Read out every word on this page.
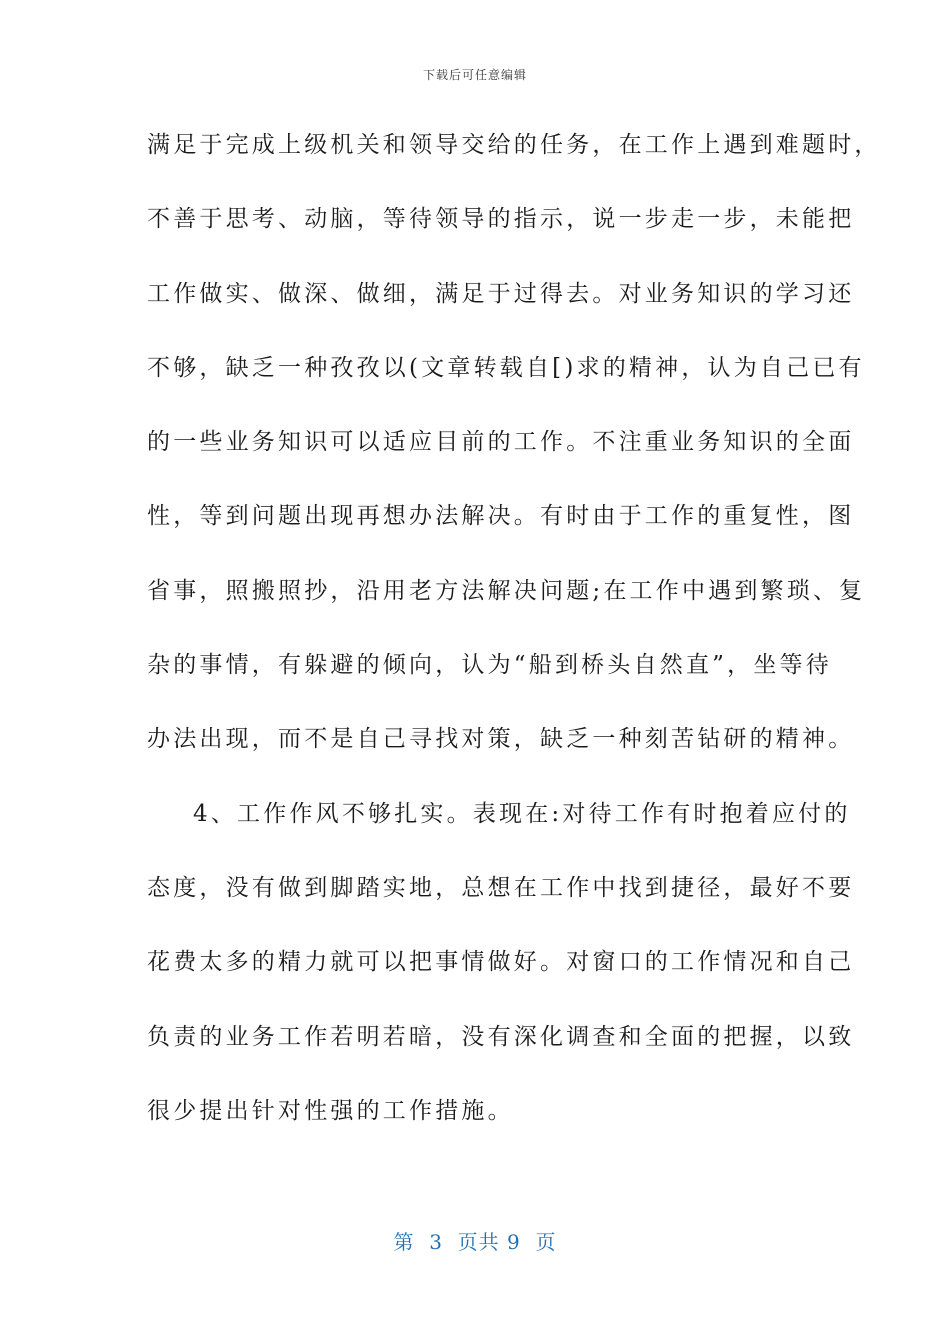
下载后可任意编辑
满足于完成上级机关和领导交给的任务，在工作上遇到难题时，
不善于思考、动脑，等待领导的指示，说一步走一步，未能把
工作做实、做深、做细，满足于过得去。对业务知识的学习还
不够，缺乏一种孜孜以(文章转载自[)求的精神，认为自己已有
的一些业务知识可以适应目前的工作。不注重业务知识的全面
性，等到问题出现再想办法解决。有时由于工作的重复性，图
省事，照搬照抄，沿用老方法解决问题;在工作中遇到繁琐、复
杂的事情，有躲避的倾向，认为“船到桥头自然直”，坐等待
办法出现，而不是自己寻找对策，缺乏一种刻苦钻研的精神。
4、工作作风不够扎实。表现在:对待工作有时抱着应付的
态度，没有做到脚踏实地，总想在工作中找到捷径，最好不要
花费太多的精力就可以把事情做好。对窗口的工作情况和自己
负责的业务工作若明若暗，没有深化调查和全面的把握，以致
很少提出针对性强的工作措施。
第  3  页共 9  页
